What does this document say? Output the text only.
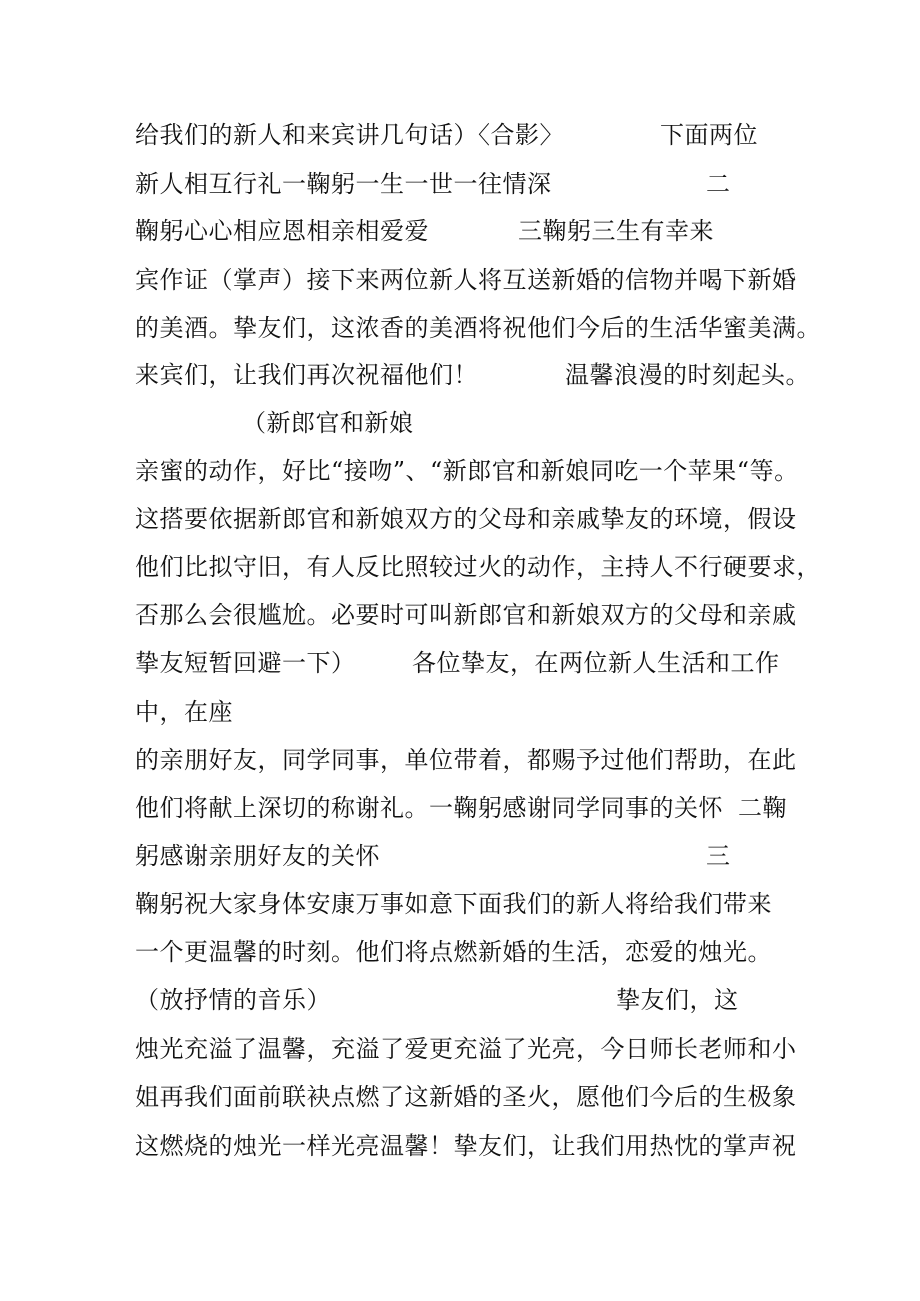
给我们的新人和来宾讲几句话）〈合影〉	下面两位
新人相互行礼一鞠躬一生一世一往情深	二
鞠躬心心相应恩相亲相爱爱	三鞠躬三生有幸来
宾作证（掌声）接下来两位新人将互送新婚的信物并喝下新婚
的美酒。挚友们，这浓香的美酒将祝他们今后的生活华蜜美满。
来宾们，让我们再次祝福他们！	温馨浪漫的时刻起头。
（新郎官和新娘
亲蜜的动作，好比“接吻”、“新郎官和新娘同吃一个苹果“等。
这搭要依据新郎官和新娘双方的父母和亲戚挚友的环境，假设
他们比拟守旧，有人反比照较过火的动作，主持人不行硬要求，
否那么会很尴尬。必要时可叫新郎官和新娘双方的父母和亲戚
挚友短暂回避一下） 各位挚友，在两位新人生活和工作
中，在座
的亲朋好友，同学同事，单位带着，都赐予过他们帮助，在此
他们将献上深切的称谢礼。一鞠躬感谢同学同事的关怀 二鞠
躬感谢亲朋好友的关怀	三
鞠躬祝大家身体安康万事如意下面我们的新人将给我们带来
一个更温馨的时刻。他们将点燃新婚的生活，恋爱的烛光。
（放抒情的音乐）	挚友们，这
烛光充溢了温馨，充溢了爱更充溢了光亮，今日师长老师和小
姐再我们面前联袂点燃了这新婚的圣火，愿他们今后的生极象
这燃烧的烛光一样光亮温馨！挚友们，让我们用热忱的掌声祝
